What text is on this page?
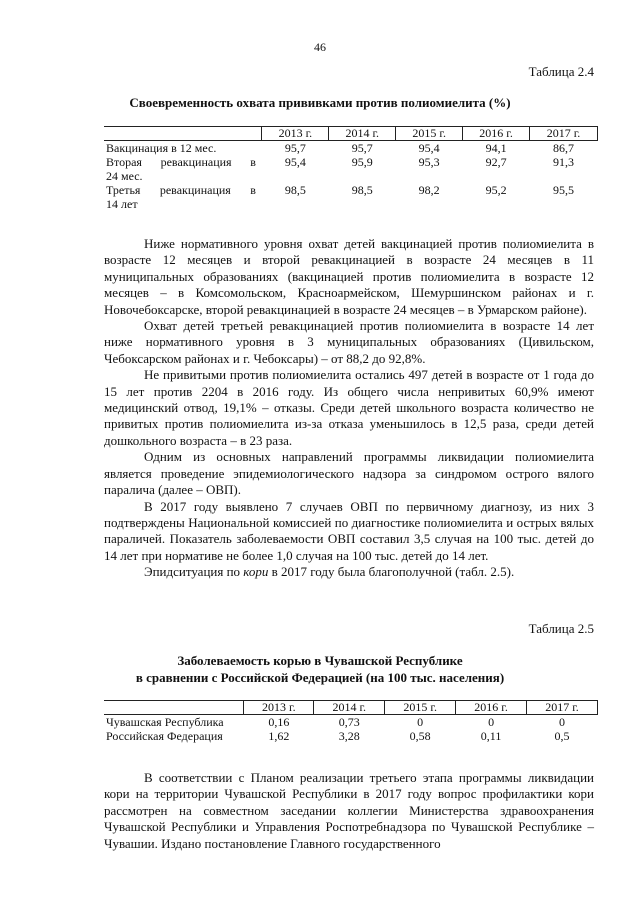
46
Таблица 2.4
Своевременность охвата прививками против полиомиелита (%)
	2013 г.	2014 г.	2015 г.	2016 г.	2017 г.
Вакцинация в 12 мес.	95,7	95,7	95,4	94,1	86,7

Вторая ревакцинация в
24 мес.	95,4	95,9	95,3	92,7	91,3

Третья ревакцинация в
14 лет	98,5	98,5	98,2	95,2	95,5

Ниже нормативного уровня охват детей вакцинацией против полиомиелита в возрасте 12 месяцев и второй ревакцинацией в возрасте 24 месяцев в 11 муниципальных образованиях (вакцинацией против полиомиелита в возрасте 12 месяцев – в Комсомольском, Красноармейском, Шемуршинском районах и г. Новочебоксарске, второй ревакцинацией в возрасте 24 месяцев – в Урмарском районе).

Охват детей третьей ревакцинацией против полиомиелита в возрасте 14 лет ниже нормативного уровня в 3 муниципальных образованиях (Цивильском, Чебоксарском районах и г. Чебоксары) – от 88,2 до 92,8%.

Не привитыми против полиомиелита остались 497 детей в возрасте от 1 года до 15 лет против 2204 в 2016 году. Из общего числа непривитых 60,9% имеют медицинский отвод, 19,1% – отказы. Среди детей школьного возраста количество не привитых против полиомиелита из-за отказа уменьшилось в 12,5 раза, среди детей дошкольного возраста – в 23 раза.

Одним из основных направлений программы ликвидации полиомиелита является проведение эпидемиологического надзора за синдромом острого вялого паралича (далее – ОВП).

В 2017 году выявлено 7 случаев ОВП по первичному диагнозу, из них 3 подтверждены Национальной комиссией по диагностике полиомиелита и острых вялых параличей. Показатель заболеваемости ОВП составил 3,5 случая на 100 тыс. детей до 14 лет при нормативе не более 1,0 случая на 100 тыс. детей до 14 лет.

Эпидситуация по кори в 2017 году была благополучной (табл. 2.5).

Таблица 2.5
Заболеваемость корью в Чувашской Республике
в сравнении с Российской Федерацией (на 100 тыс. населения)
	2013 г.	2014 г.	2015 г.	2016 г.	2017 г.
Чувашская Республика	0,16	0,73	0	0	0
Российская Федерация	1,62	3,28	0,58	0,11	0,5

В соответствии с Планом реализации третьего этапа программы ликвидации кори на территории Чувашской Республики в 2017 году вопрос профилактики кори рассмотрен на совместном заседании коллегии Министерства здравоохранения Чувашской Республики и Управления Роспотребнадзора по Чувашской Республике – Чувашии. Издано постановление Главного государственного
